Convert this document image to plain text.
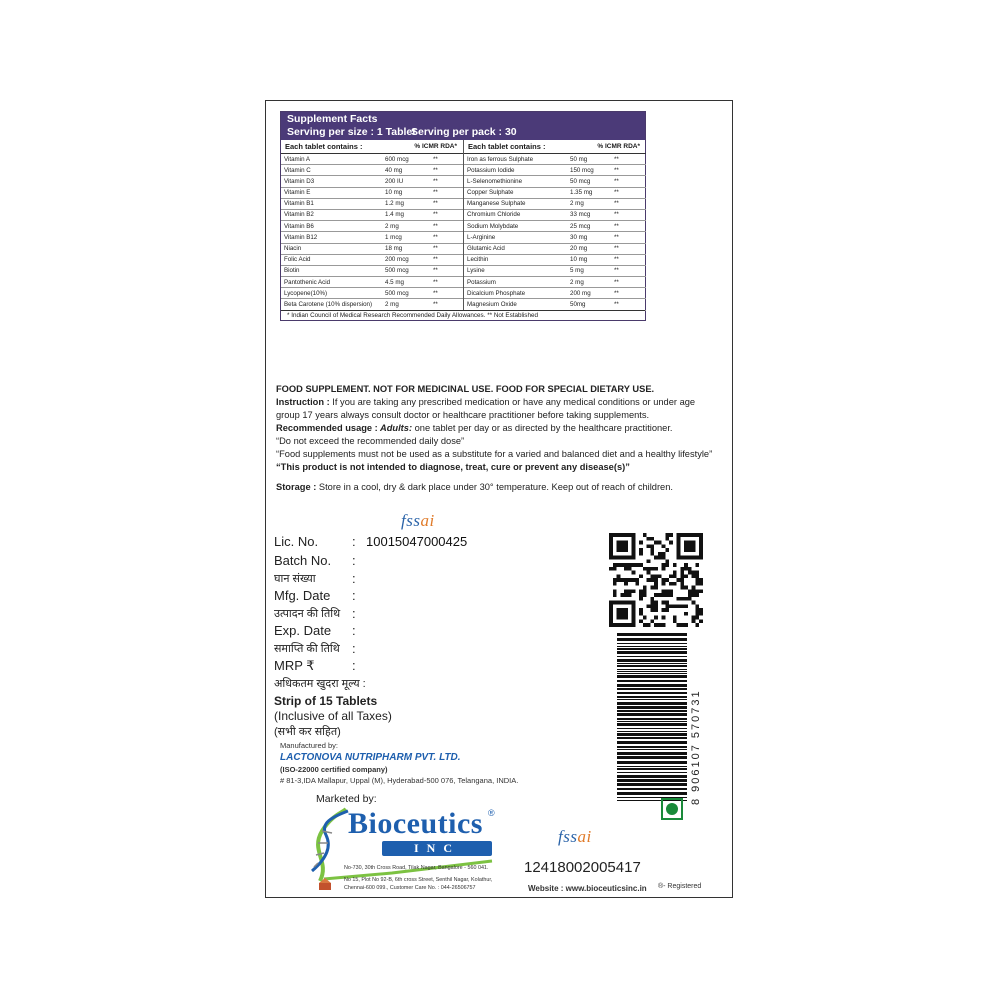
Supplement Facts
Serving per size : 1 Tablet
Serving per pack : 30
Each tablet contains :	% ICMR RDA*
Vitamin A	600 mcg	**
Vitamin C	40 mg	**
Vitamin D3	200 IU	**
Vitamin E	10 mg	**
Vitamin B1	1.2 mg	**
Vitamin B2	1.4 mg	**
Vitamin B6	2 mg	**
Vitamin B12	1 mcg	**
Niacin	18 mg	**
Folic Acid	200 mcg	**
Biotin	500 mcg	**
Pantothenic Acid	4.5 mg	**
Lycopene(10%)	500 mcg	**
Beta Carotene (10% dispersion) 2 mg	**
Each tablet contains :	% ICMR RDA*
Iron as ferrous Sulphate	50 mg	**
Potassium Iodide	150 mcg	**
L-Selenomethionine	50 mcg	**
Copper Sulphate	1.35 mg	**
Manganese Sulphate	2 mg	**
Chromium Chloride	33 mcg	**
Sodium Molybdate	25 mcg	**
L-Arginine	30 mg	**
Glutamic Acid	20 mg	**
Lecithin	10 mg	**
Lysine	5 mg	**
Potassium	2 mg	**
Dicalcium Phosphate	200 mg	**
Magnesium Oxide	50mg	**
* Indian Council of Medical Research Recommended Daily Allowances. ** Not Established
FOOD SUPPLEMENT. NOT FOR MEDICINAL USE. FOOD FOR SPECIAL DIETARY USE.
Instruction : If you are taking any prescribed medication or have any medical conditions or under age
group 17 years always consult doctor or healthcare practitioner before taking supplements.
Recommended usage : Adults: one tablet per day or as directed by the healthcare practitioner.
“Do not exceed the recommended daily dose”
“Food supplements must not be used as a substitute for a varied and balanced diet and a healthy lifestyle”
“This product is not intended to diagnose, treat, cure or prevent any disease(s)”
Storage : Store in a cool, dry & dark place under 30° temperature. Keep out of reach of children.
fssai
Lic. No.	: 10015047000425
Batch No. :
घान संख्या	:
Mfg. Date :
उत्पादन की तिथि :
Exp. Date :
समाप्ति की तिथि :
MRP ₹	:
अधिकतम खुदरा मूल्य :
Strip of 15 Tablets
(Inclusive of all Taxes)
(सभी कर सहित)
Manufactured by:
LACTONOVA NUTRIPHARM PVT. LTD.
(ISO-22000 certified company)
# 81-3,IDA Mallapur, Uppal (M), Hyderabad-500 076, Telangana, INDIA.	8 906107 570731
Marketed by:
Bioceutics ®
INC
No-730, 30th Cross Road, Tilak Nagar, Bangalore - 560 041.
No 15, Plot No 92-B, 6th cross Street, Senthil Nagar, Kolathur,
Chennai-600 099., Customer Care No. : 044-26506757
fssai
12418002005417
Website : www.bioceuticsinc.in ®- Registered
